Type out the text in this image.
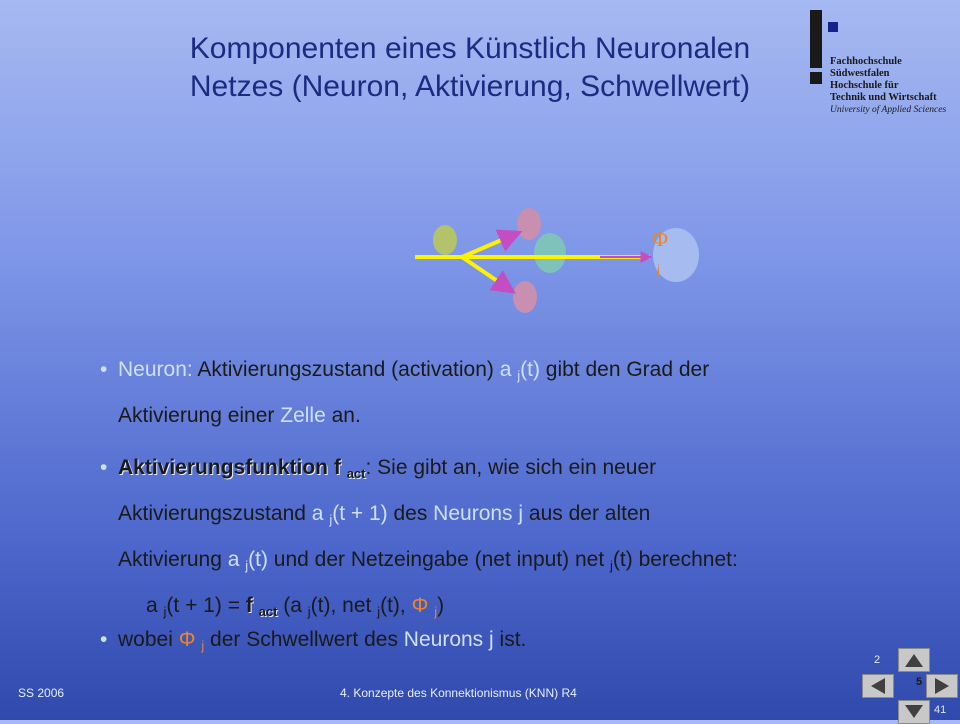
Komponenten eines Künstlich Neuronalen
Netzes (Neuron, Aktivierung, Schwellwert)
Fachhochschule
Südwestfalen
Hochschule für
Technik und Wirtschaft
University of Applied Sciences
Φ
j
• Neuron: Aktivierungszustand (activation) a $_j$(t) gibt den Grad der
Aktivierung einer Zelle an.
• Aktivierungsfunktion f $_{act}$: Sie gibt an, wie sich ein neuer
Aktivierungszustand a $_j$(t + 1) des Neurons j aus der alten
Aktivierung a $_j$(t) und der Netzeingabe (net input) net $_j$(t) berechnet:
a $_j$(t + 1) = f $_{act}$ (a $_j$(t), net $_j$(t), Φ $_j$)
• wobei Φ $_j$ der Schwellwert des Neurons j ist.
SS 2006	4. Konzepte des Konnektionismus (KNN) R4
2
5
41
